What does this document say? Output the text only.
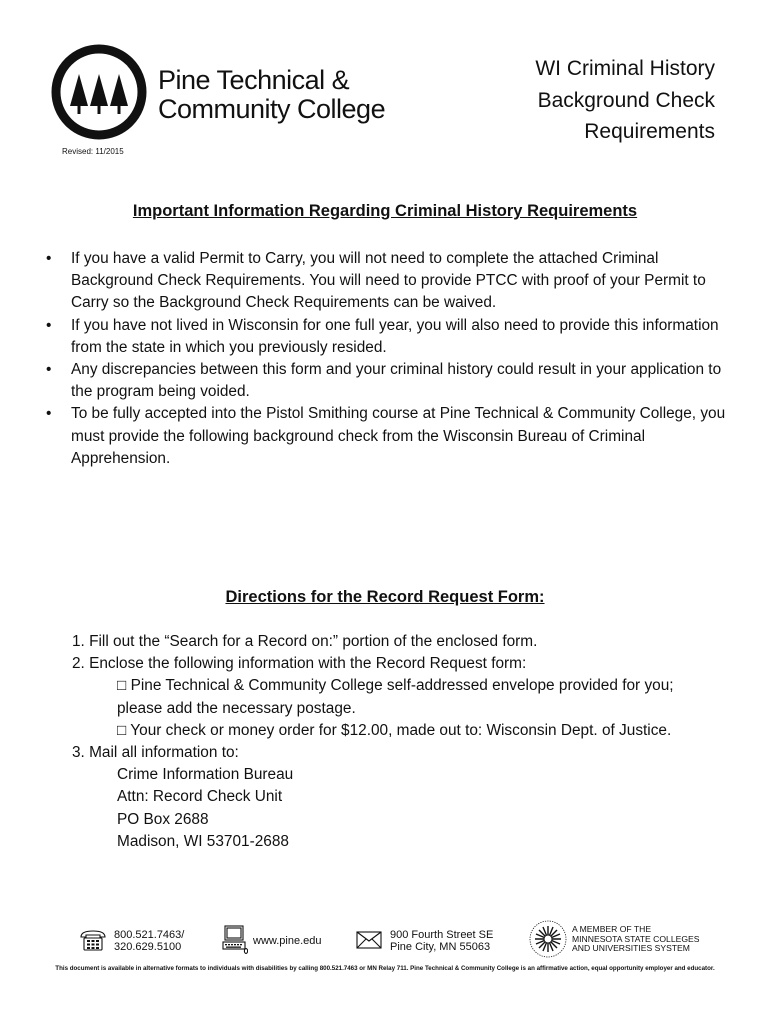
Pine Technical &
Community College
Revised: 11/2015
WI Criminal History
Background Check
Requirements
Important Information Regarding Criminal History Requirements
• If you have a valid Permit to Carry, you will not need to complete the attached Criminal Background Check Requirements. You will need to provide PTCC with proof of your Permit to Carry so the Background Check Requirements can be waived.
• If you have not lived in Wisconsin for one full year, you will also need to provide this information from the state in which you previously resided.
• Any discrepancies between this form and your criminal history could result in your application to the program being voided.
• To be fully accepted into the Pistol Smithing course at Pine Technical & Community College, you must provide the following background check from the Wisconsin Bureau of Criminal Apprehension.
Directions for the Record Request Form:
1. Fill out the “Search for a Record on:” portion of the enclosed form.
2. Enclose the following information with the Record Request form:
□ Pine Technical & Community College self-addressed envelope provided for you;
please add the necessary postage.
□ Your check or money order for $12.00, made out to: Wisconsin Dept. of Justice.
3. Mail all information to:
Crime Information Bureau
Attn: Record Check Unit
PO Box 2688
Madison, WI 53701-2688
800.521.7463/
320.629.5100	www.pine.edu	900 Fourth Street SE
Pine City, MN 55063
A MEMBER OF THE
MINNESOTA STATE COLLEGES
AND UNIVERSITIES SYSTEM
This document is available in alternative formats to individuals with disabilities by calling 800.521.7463 or MN Relay 711. Pine Technical & Community College is an affirmative action, equal opportunity employer and educator.
